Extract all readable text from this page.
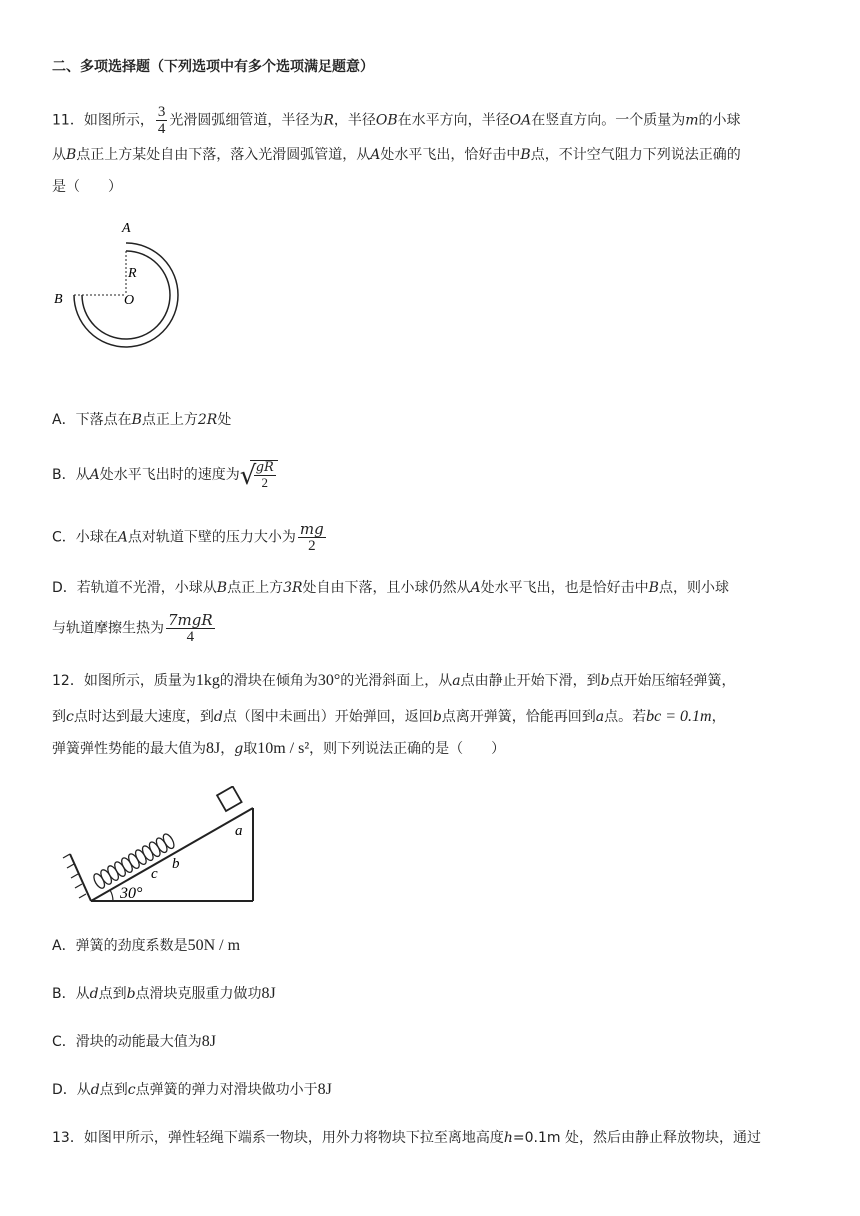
二、多项选择题（下列选项中有多个选项满足题意）
11．如图所示， $\frac{3}{4}$ 光滑圆弧细管道，半径为R，半径OB在水平方向，半径OA在竖直方向。一个质量为m的小球
从B点正上方某处自由下落，落入光滑圆弧管道，从A处水平飞出，恰好击中B点，不计空气阻力下列说法正确的
是（　　）
A
B
R
O
A．下落点在B点正上方2R处
B．从A处水平飞出时的速度为 √
$\frac{gR}{2}$
C．小球在A点对轨道下壁的压力大小为 $\frac{mg}{2}$
D．若轨道不光滑，小球从B点正上方3R处自由下落，且小球仍然从A处水平飞出，也是恰好击中B点，则小球
与轨道摩擦生热为 $\frac{\text{7mgR}}{4}$
12．如图所示，质量为1kg的滑块在倾角为30°的光滑斜面上，从a点由静止开始下滑，到b点开始压缩轻弹簧，
到c点时达到最大速度，到d点（图中未画出）开始弹回，返回b点离开弹簧，恰能再回到a点。若bc = 0.1m，
弹簧弹性势能的最大值为8J，g取10m / s²，则下列说法正确的是（　　）
a
b
c
30°
A．弹簧的劲度系数是50N / m
B．从d点到b点滑块克服重力做功8J
C．滑块的动能最大值为8J
D．从d点到c点弹簧的弹力对滑块做功小于8J
13．如图甲所示，弹性轻绳下端系一物块，用外力将物块下拉至离地高度h=0.1m 处，然后由静止释放物块，通过
